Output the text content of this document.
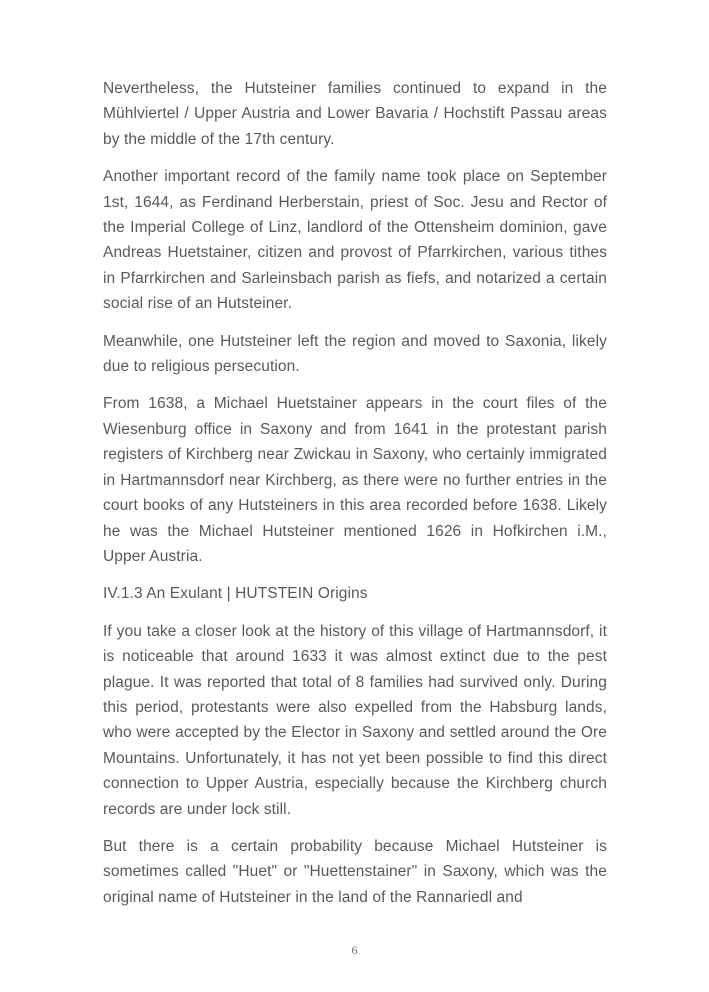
Nevertheless, the Hutsteiner families continued to expand in the Mühlviertel / Upper Austria and Lower Bavaria / Hochstift Passau areas by the middle of the 17th century.

Another important record of the family name took place on September 1st, 1644, as Ferdinand Herberstain, priest of Soc. Jesu and Rector of the Imperial College of Linz, landlord of the Ottensheim dominion, gave Andreas Huetstainer, citizen and provost of Pfarrkirchen, various tithes in Pfarrkirchen and Sarleinsbach parish as fiefs, and notarized a certain social rise of an Hutsteiner.

Meanwhile, one Hutsteiner left the region and moved to Saxonia, likely due to religious persecution.

From 1638, a Michael Huetstainer appears in the court files of the Wiesenburg office in Saxony and from 1641 in the protestant parish registers of Kirchberg near Zwickau in Saxony, who certainly immigrated in Hartmannsdorf near Kirchberg, as there were no further entries in the court books of any Hutsteiners in this area recorded before 1638. Likely he was the Michael Hutsteiner mentioned 1626 in Hofkirchen i.M., Upper Austria.

IV.1.3 An Exulant | HUTSTEIN Origins

If you take a closer look at the history of this village of Hartmannsdorf, it is noticeable that around 1633 it was almost extinct due to the pest plague. It was reported that total of 8 families had survived only. During this period, protestants were also expelled from the Habsburg lands, who were accepted by the Elector in Saxony and settled around the Ore Mountains. Unfortunately, it has not yet been possible to find this direct connection to Upper Austria, especially because the Kirchberg church records are under lock still.

But there is a certain probability because Michael Hutsteiner is sometimes called "Huet" or "Huettenstainer" in Saxony, which was the original name of Hutsteiner in the land of the Rannariedl and

6
